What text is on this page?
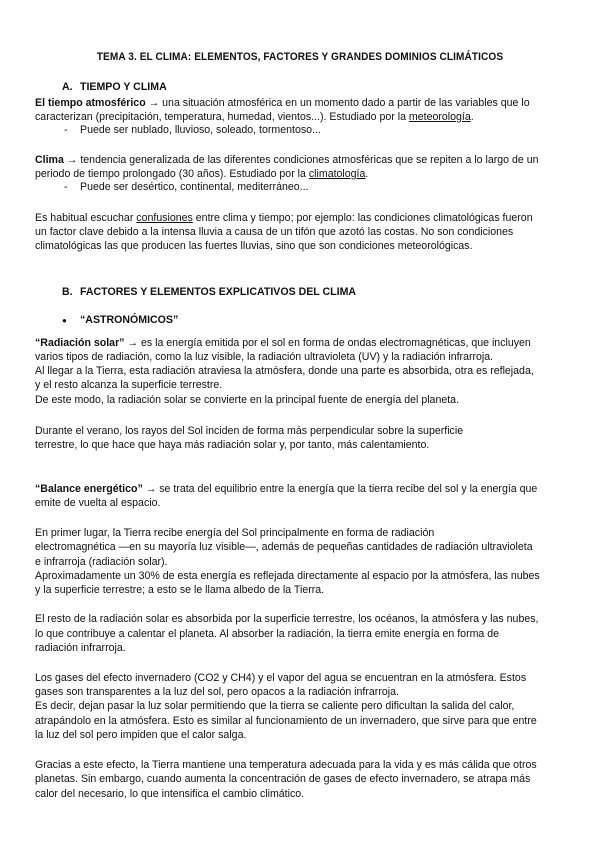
TEMA 3. EL CLIMA: ELEMENTOS, FACTORES Y GRANDES DOMINIOS CLIMÁTICOS
A. TIEMPO Y CLIMA
El tiempo atmosférico → una situación atmosférica en un momento dado a partir de las variables que lo
caracterizan (precipitación, temperatura, humedad, vientos...). Estudiado por la meteorología.
- Puede ser nublado, lluvioso, soleado, tormentoso...
Clima → tendencia generalizada de las diferentes condiciones atmosféricas que se repiten a lo largo de un
periodo de tiempo prolongado (30 años). Estudiado por la climatología.
- Puede ser desértico, continental, mediterráneo...
Es habitual escuchar confusiones entre clima y tiempo; por ejemplo: las condiciones climatológicas fueron
un factor clave debido a la intensa lluvia a causa de un tifón que azotó las costas. No son condiciones
climatológicas las que producen las fuertes lluvias, sino que son condiciones meteorológicas.
B. FACTORES Y ELEMENTOS EXPLICATIVOS DEL CLIMA
● “ASTRONÓMICOS”
“Radiación solar” → es la energía emitida por el sol en forma de ondas electromagnéticas, que incluyen
varios tipos de radiación, como la luz visible, la radiación ultravioleta (UV) y la radiación infrarroja.
Al llegar a la Tierra, esta radiación atraviesa la atmósfera, donde una parte es absorbida, otra es reflejada,
y el resto alcanza la superficie terrestre.
De este modo, la radiación solar se convierte en la principal fuente de energía del planeta.
Durante el verano, los rayos del Sol inciden de forma más perpendicular sobre la superficie
terrestre, lo que hace que haya más radiación solar y, por tanto, más calentamiento.
“Balance energético” → se trata del equilibrio entre la energía que la tierra recibe del sol y la energía que
emite de vuelta al espacio.
En primer lugar, la Tierra recibe energía del Sol principalmente en forma de radiación
electromagnética —en su mayoría luz visible—, además de pequeñas cantidades de radiación ultravioleta
e infrarroja (radiación solar).
Aproximadamente un 30% de esta energía es reflejada directamente al espacio por la atmósfera, las nubes
y la superficie terrestre; a esto se le llama albedo de la Tierra.
El resto de la radiación solar es absorbida por la superficie terrestre, los océanos, la atmósfera y las nubes,
lo que contribuye a calentar el planeta. Al absorber la radiación, la tierra emite energía en forma de
radiación infrarroja.
Los gases del efecto invernadero (CO2 y CH4) y el vapor del agua se encuentran en la atmósfera. Estos
gases son transparentes a la luz del sol, pero opacos a la radiación infrarroja.
Es decir, dejan pasar la luz solar permitiendo que la tierra se caliente pero dificultan la salida del calor,
atrapándolo en la atmósfera. Esto es similar al funcionamiento de un invernadero, que sirve para que entre
la luz del sol pero impiden que el calor salga.
Gracias a este efecto, la Tierra mantiene una temperatura adecuada para la vida y es más cálida que otros
planetas. Sin embargo, cuando aumenta la concentración de gases de efecto invernadero, se atrapa más
calor del necesario, lo que intensifica el cambio climático.
